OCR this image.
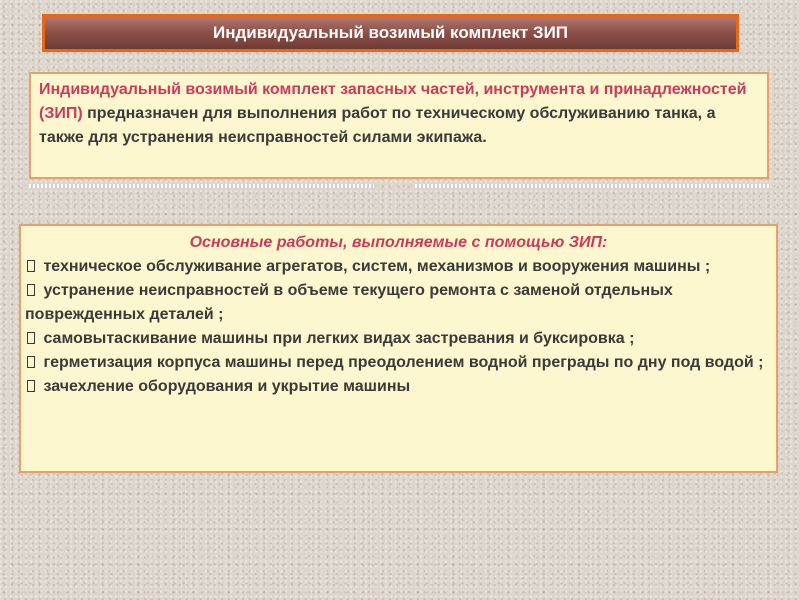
Индивидуальный возимый комплект ЗИП
Индивидуальный возимый комплект запасных частей, инструмента и принадлежностей (ЗИП) предназначен для выполнения работ по техническому обслуживанию танка, а также для устранения неисправностей силами экипажа.
Основные работы, выполняемые с помощью ЗИП:
техническое обслуживание агрегатов, систем, механизмов и вооружения машины ;
устранение неисправностей в объеме текущего ремонта с заменой отдельных поврежденных деталей ;
самовытаскивание машины при легких видах застревания и буксировка ;
герметизация корпуса машины перед преодолением водной преграды по дну под водой ;
зачехление оборудования и укрытие машины
